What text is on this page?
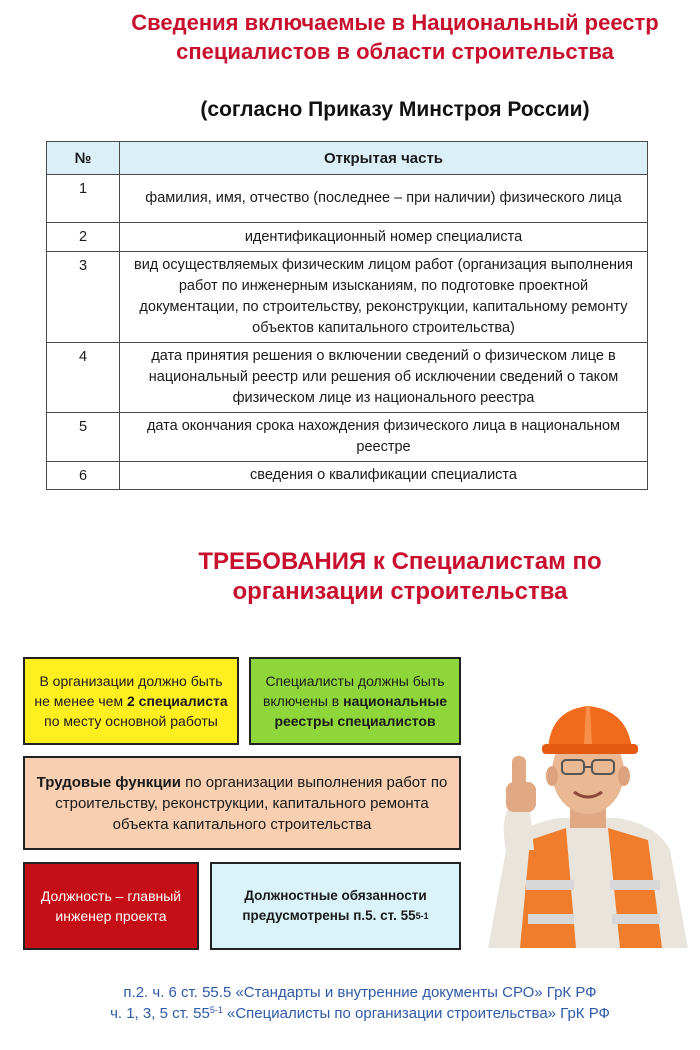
Сведения включаемые в Национальный реестр специалистов в области строительства
(согласно Приказу Минстроя России)
№	Открытая часть
1	фамилия, имя, отчество (последнее – при наличии) физического лица
2	идентификационный номер специалиста
3	вид осуществляемых физическим лицом работ (организация выполнения работ по инженерным изысканиям, по подготовке проектной документации, по строительству, реконструкции, капитальному ремонту объектов капитального строительства)
4	дата принятия решения о включении сведений о физическом лице в национальный реестр или решения об исключении сведений о таком физическом лице из национального реестра
5	дата окончания срока нахождения физического лица в национальном реестре
6	сведения о квалификации специалиста
ТРЕБОВАНИЯ к Специалистам по организации строительства
В организации должно быть не менее чем 2 специалиста по месту основной работы
Специалисты должны быть включены в национальные реестры специалистов
Трудовые функции по организации выполнения работ по строительству, реконструкции, капитального ремонта объекта капитального строительства
Должность – главный инженер проекта
Должностные обязанности предусмотрены п.5. ст. 55$^{5-1}$
п.2. ч. 6 ст. 55.5 «Стандарты и внутренние документы СРО» ГрК РФ
ч. 1, 3, 5 ст. 55$^{5-1}$ «Специалисты по организации строительства» ГрК РФ
